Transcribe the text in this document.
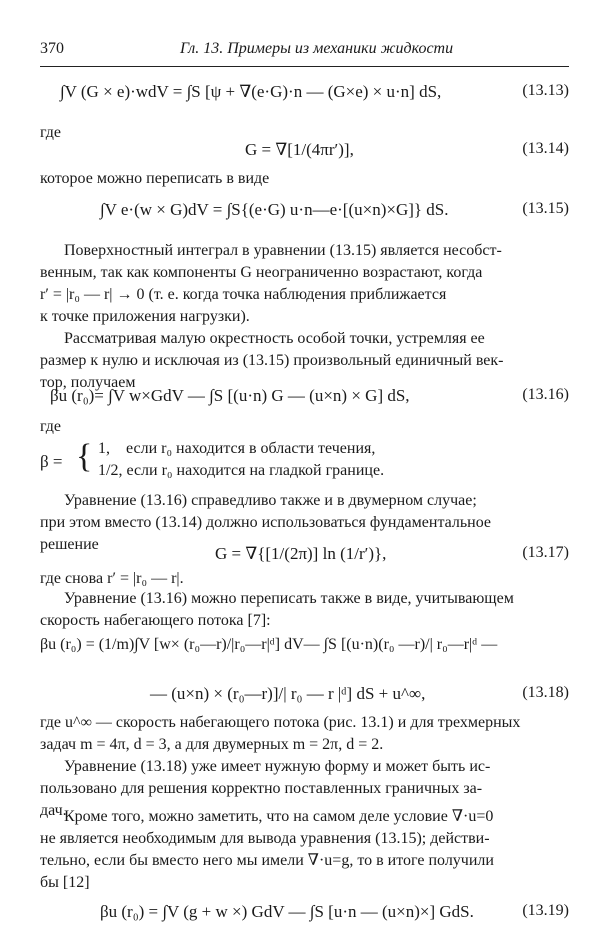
370	Гл. 13. Примеры из механики жидкости
∫V (G × e)·wdV = ∫S [ψ + ∇(e·G)·n — (G×e) × u·n] dS,	(13.13)
где
G = ∇[1/(4πr′)],	(13.14)
которое можно переписать в виде
∫V e·(w × G)dV = ∫S{(e·G) u·n—e·[(u×n)×G]} dS.	(13.15)
Поверхностный интеграл в уравнении (13.15) является несобст-
венным, так как компоненты G неограниченно возрастают, когда
r′ = |r₀ — r| → 0 (т. е. когда точка наблюдения приближается
к точке приложения нагрузки).
Рассматривая малую окрестность особой точки, устремляя ее
размер к нулю и исключая из (13.15) произвольный единичный век-
тор, получаем
βu (r₀)= ∫V w×GdV — ∫S [(u·n) G — (u×n) × G] dS,	(13.16)
где
β = { 1,    если r₀ находится в области течения,
1/2, если r₀ находится на гладкой границе.
Уравнение (13.16) справедливо также и в двумерном случае;
при этом вместо (13.14) должно использоваться фундаментальное
решение	G = ∇{[1/(2π)] ln (1/r′)},	(13.17)
где снова r′ = |r₀ — r|.
Уравнение (13.16) можно переписать также в виде, учитывающем
скорость набегающего потока [7]:
βu (r₀) = (1/m)∫V [w× (r₀—r)/|r₀—r|ᵈ] dV— ∫S [(u·n)(r₀ —r)/| r₀—r|ᵈ —
— (u×n) × (r₀—r)]/| r₀ — r |ᵈ] dS + u^∞,	(13.18)
где u^∞ — скорость набегающего потока (рис. 13.1) и для трехмерных
задач m = 4π, d = 3, а для двумерных m = 2π, d = 2.
Уравнение (13.18) уже имеет нужную форму и может быть ис-
пользовано для решения корректно поставленных граничных за-
дач.
Кроме того, можно заметить, что на самом деле условие ∇·u=0
не является необходимым для вывода уравнения (13.15); действи-
тельно, если бы вместо него мы имели ∇·u=g, то в итоге получили
бы [12]
βu (r₀) = ∫V (g + w ×) GdV — ∫S [u·n — (u×n)×] GdS.	(13.19)
